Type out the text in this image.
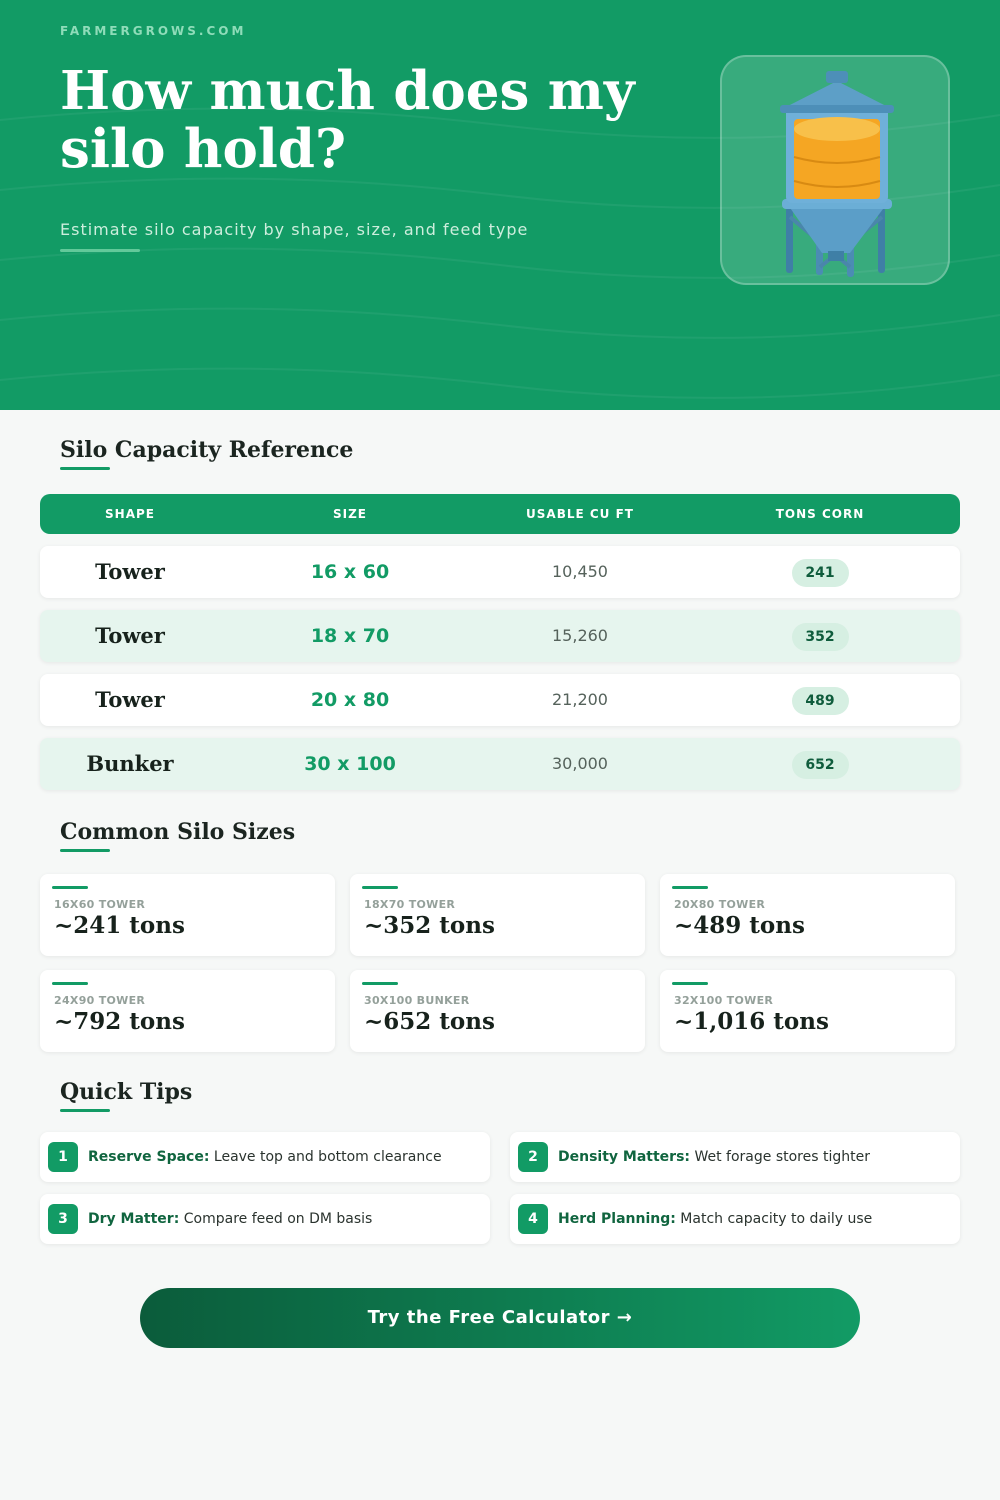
FARMERGROWS.COM
How much does my silo hold?
Estimate silo capacity by shape, size, and feed type
Silo Capacity Reference
SHAPE	SIZE	USABLE CU FT	TONS CORN
Tower	16 x 60	10,450	241
Tower	18 x 70	15,260	352
Tower	20 x 80	21,200	489
Bunker	30 x 100	30,000	652
Common Silo Sizes
16X60 TOWER
~241 tons
18X70 TOWER
~352 tons
20X80 TOWER
~489 tons
24X90 TOWER
~792 tons
30X100 BUNKER
~652 tons
32X100 TOWER
~1,016 tons
Quick Tips
1	Reserve Space: Leave top and bottom clearance	2	Density Matters: Wet forage stores tighter
3	Dry Matter: Compare feed on DM basis	4	Herd Planning: Match capacity to daily use
Try the Free Calculator →
